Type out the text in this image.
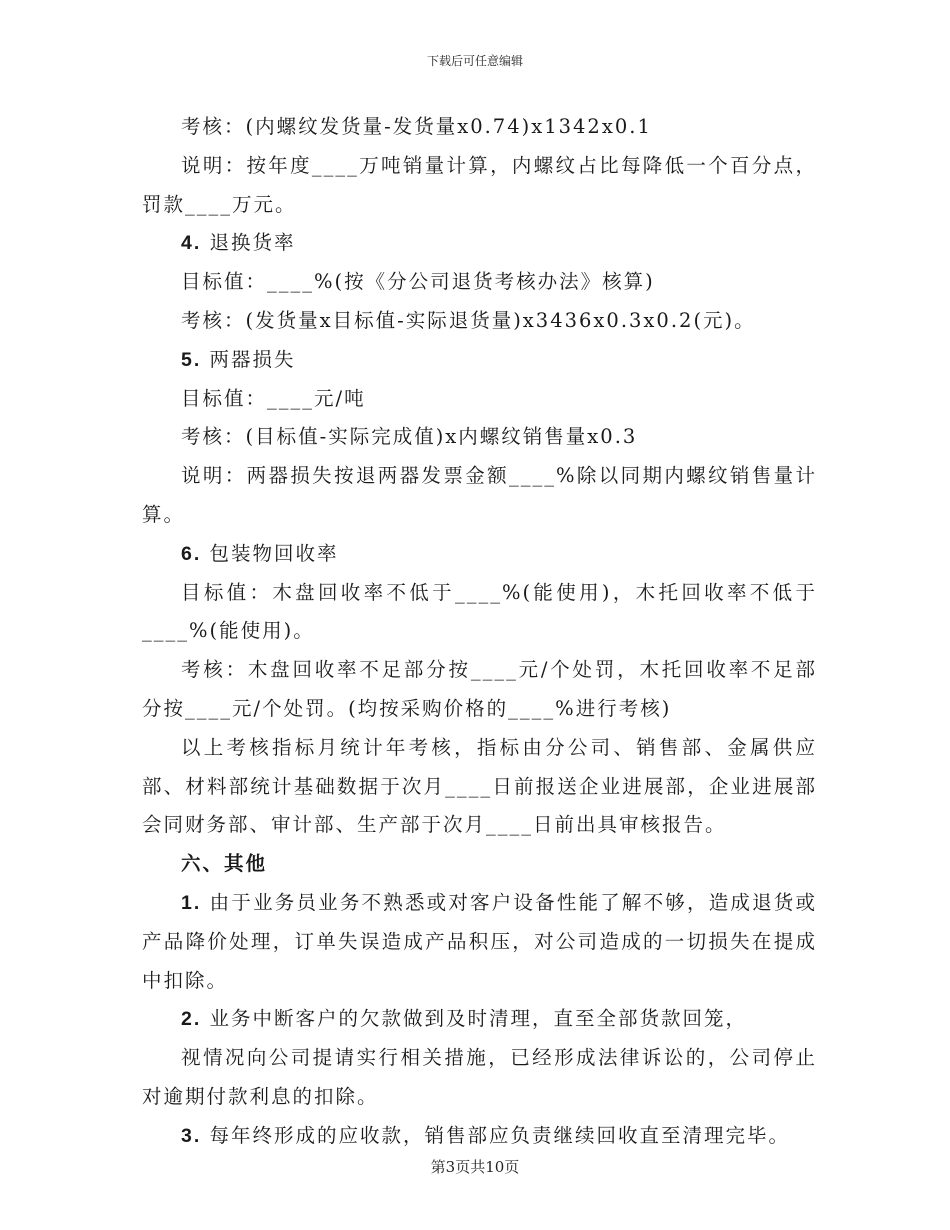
下载后可任意编辑

考核：(内螺纹发货量-发货量x0.74)x1342x0.1

说明：按年度____万吨销量计算，内螺纹占比每降低一个百分点，罚款____万元。

4. 退换货率

目标值：____%(按《分公司退货考核办法》核算)

考核：(发货量x目标值-实际退货量)x3436x0.3x0.2(元)。

5. 两器损失

目标值：____元/吨

考核：(目标值-实际完成值)x内螺纹销售量x0.3

说明：两器损失按退两器发票金额____%除以同期内螺纹销售量计算。

6. 包装物回收率

目标值：木盘回收率不低于____%(能使用)，木托回收率不低于____%(能使用)。

考核：木盘回收率不足部分按____元/个处罚，木托回收率不足部分按____元/个处罚。(均按采购价格的____%进行考核)

以上考核指标月统计年考核，指标由分公司、销售部、金属供应部、材料部统计基础数据于次月____日前报送企业进展部，企业进展部会同财务部、审计部、生产部于次月____日前出具审核报告。

六、其他

1. 由于业务员业务不熟悉或对客户设备性能了解不够，造成退货或产品降价处理，订单失误造成产品积压，对公司造成的一切损失在提成中扣除。

2. 业务中断客户的欠款做到及时清理，直至全部货款回笼，

视情况向公司提请实行相关措施，已经形成法律诉讼的，公司停止对逾期付款利息的扣除。

3. 每年终形成的应收款，销售部应负责继续回收直至清理完毕。

第3页共10页
